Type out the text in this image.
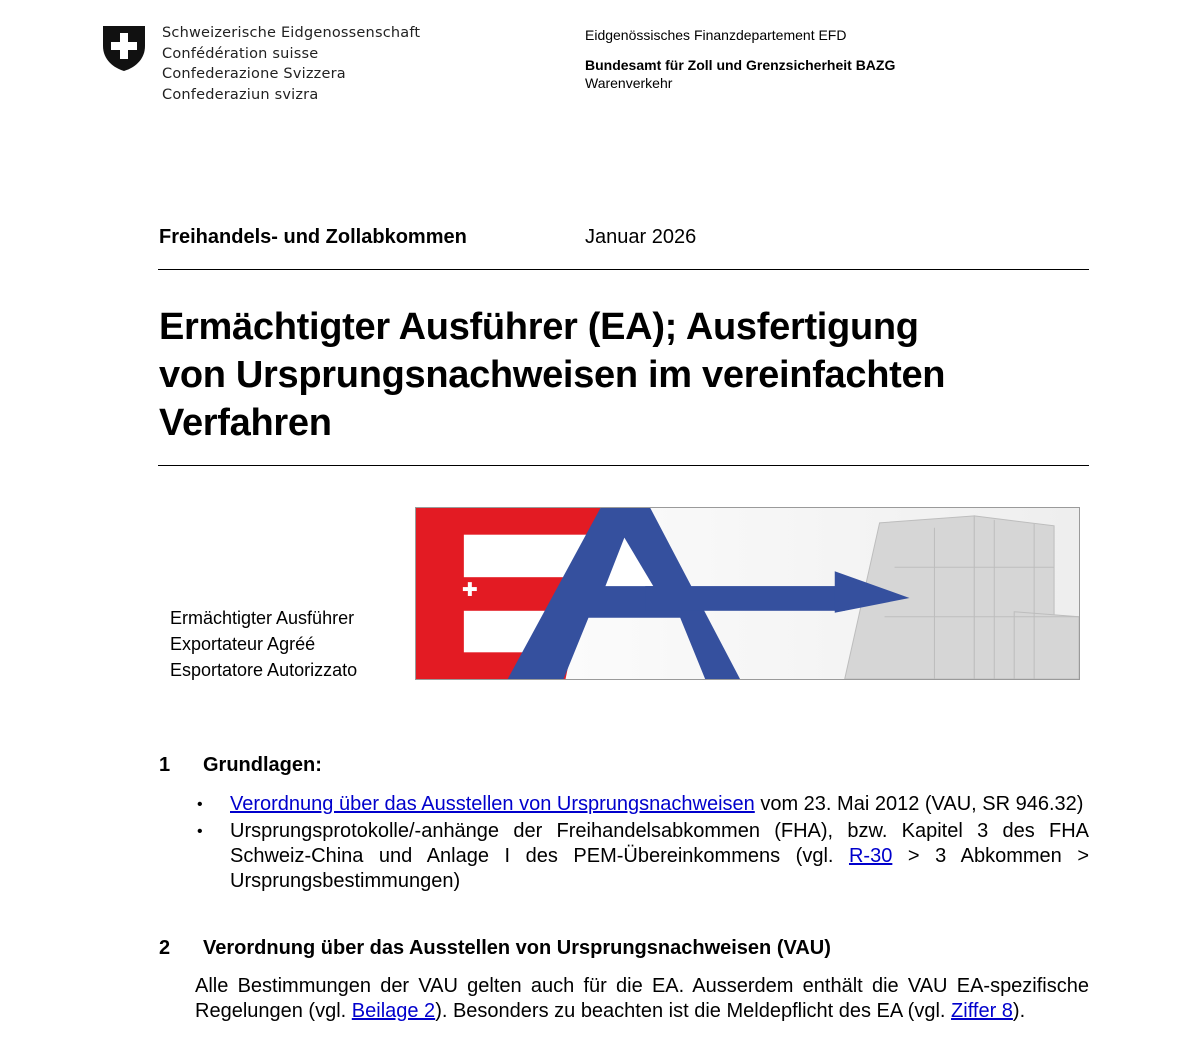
Schweizerische Eidgenossenschaft
Confédération suisse
Confederazione Svizzera
Confederaziun svizra
Eidgenössisches Finanzdepartement EFD
Bundesamt für Zoll und Grenzsicherheit BAZG
Warenverkehr
Freihandels- und Zollabkommen	Januar 2026
Ermächtigter Ausführer (EA); Ausfertigung
von Ursprungsnachweisen im vereinfachten
Verfahren
Ermächtigter Ausführer
Exportateur Agréé
Esportatore Autorizzato
1 Grundlagen:
• Verordnung über das Ausstellen von Ursprungsnachweisen vom 23. Mai 2012 (VAU, SR 946.32)
• Ursprungsprotokolle/-anhänge der Freihandelsabkommen (FHA), bzw. Kapitel 3 des FHA Schweiz-China und Anlage I des PEM-Übereinkommens (vgl. R-30 > 3 Abkommen > Ursprungsbestimmungen)
2 Verordnung über das Ausstellen von Ursprungsnachweisen (VAU)
Alle Bestimmungen der VAU gelten auch für die EA. Ausserdem enthält die VAU EA-spezifische Regelungen (vgl. Beilage 2). Besonders zu beachten ist die Meldepflicht des EA (vgl. Ziffer 8).
